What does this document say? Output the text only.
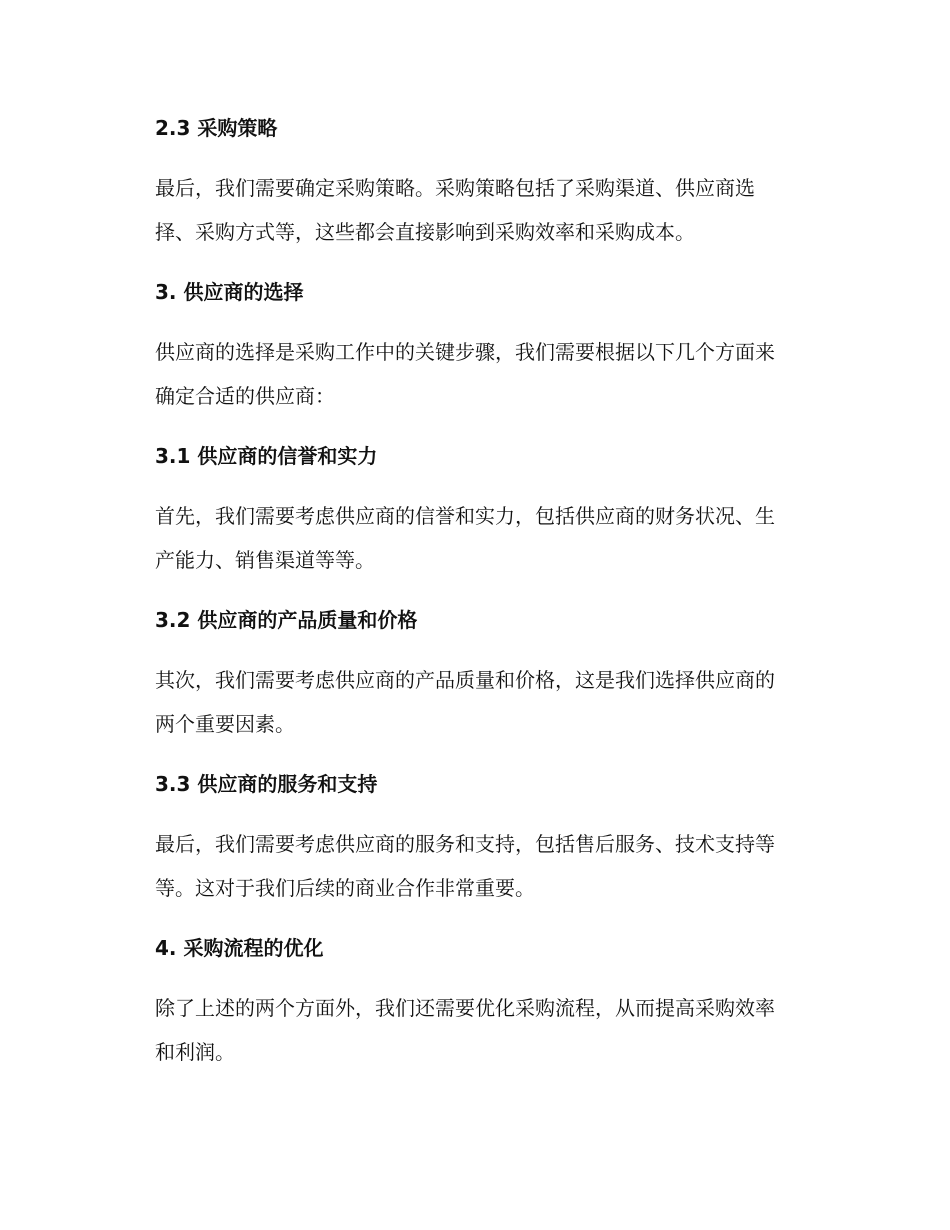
2.3 采购策略
最后，我们需要确定采购策略。采购策略包括了采购渠道、供应商选
择、采购方式等，这些都会直接影响到采购效率和采购成本。
3. 供应商的选择
供应商的选择是采购工作中的关键步骤，我们需要根据以下几个方面来
确定合适的供应商：
3.1 供应商的信誉和实力
首先，我们需要考虑供应商的信誉和实力，包括供应商的财务状况、生
产能力、销售渠道等等。
3.2 供应商的产品质量和价格
其次，我们需要考虑供应商的产品质量和价格，这是我们选择供应商的
两个重要因素。
3.3 供应商的服务和支持
最后，我们需要考虑供应商的服务和支持，包括售后服务、技术支持等
等。这对于我们后续的商业合作非常重要。
4. 采购流程的优化
除了上述的两个方面外，我们还需要优化采购流程，从而提高采购效率
和利润。
